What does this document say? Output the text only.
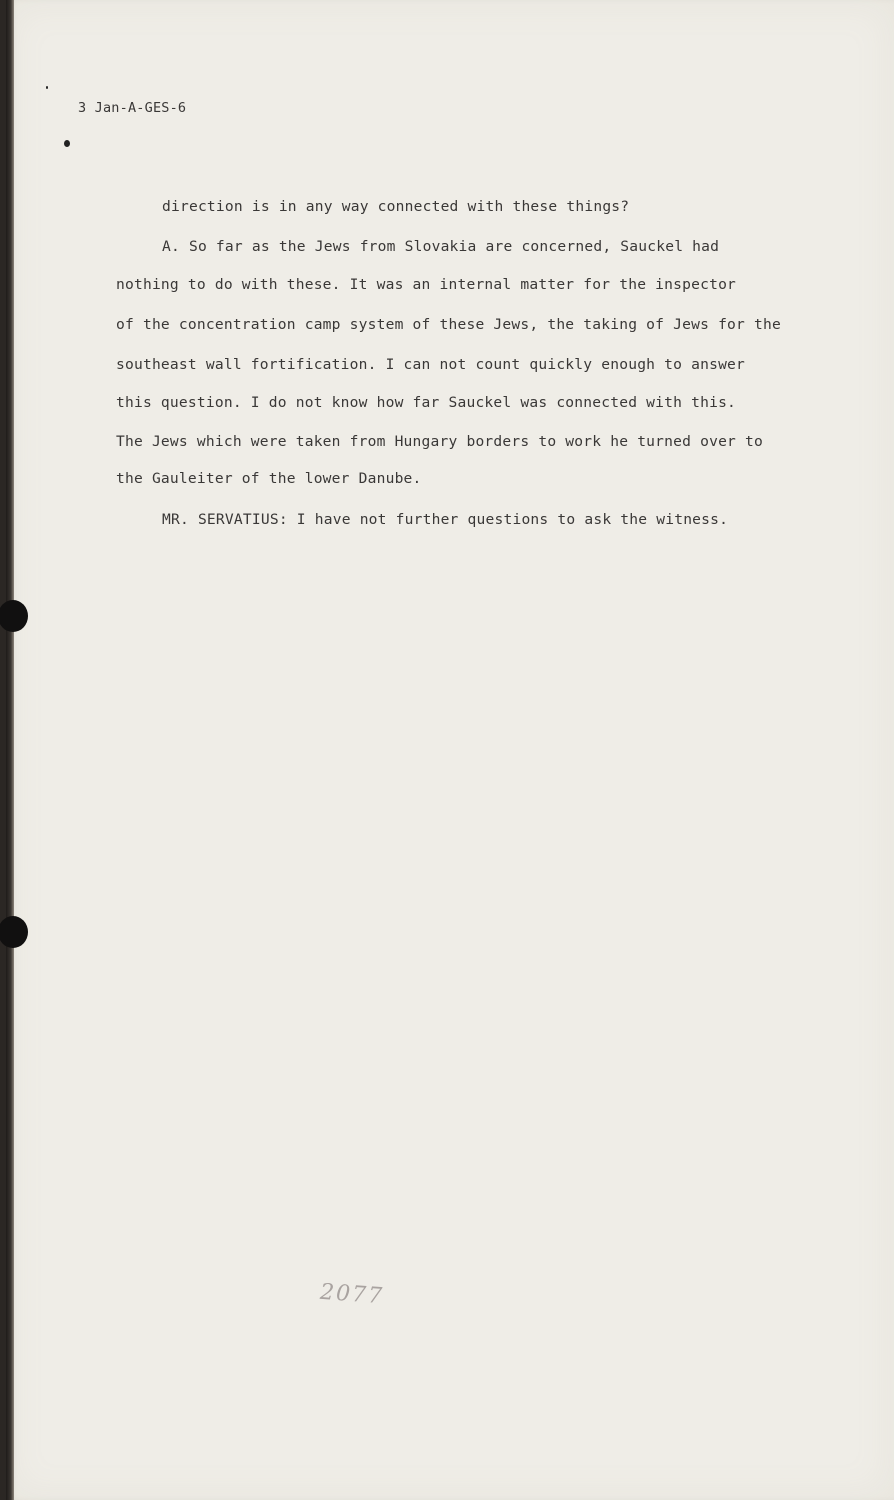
3 Jan-A-GES-6

direction is in any way connected with these things?

A. So far as the Jews from Slovakia are concerned, Sauckel had

nothing to do with these. It was an internal matter for the inspector

of the concentration camp system of these Jews, the taking of Jews for the

southeast wall fortification. I can not count quickly enough to answer

this question. I do not know how far Sauckel was connected with this.

The Jews which were taken from Hungary borders to work he turned over to

the Gauleiter of the lower Danube.

MR. SERVATIUS: I have not further questions to ask the witness.

2077
